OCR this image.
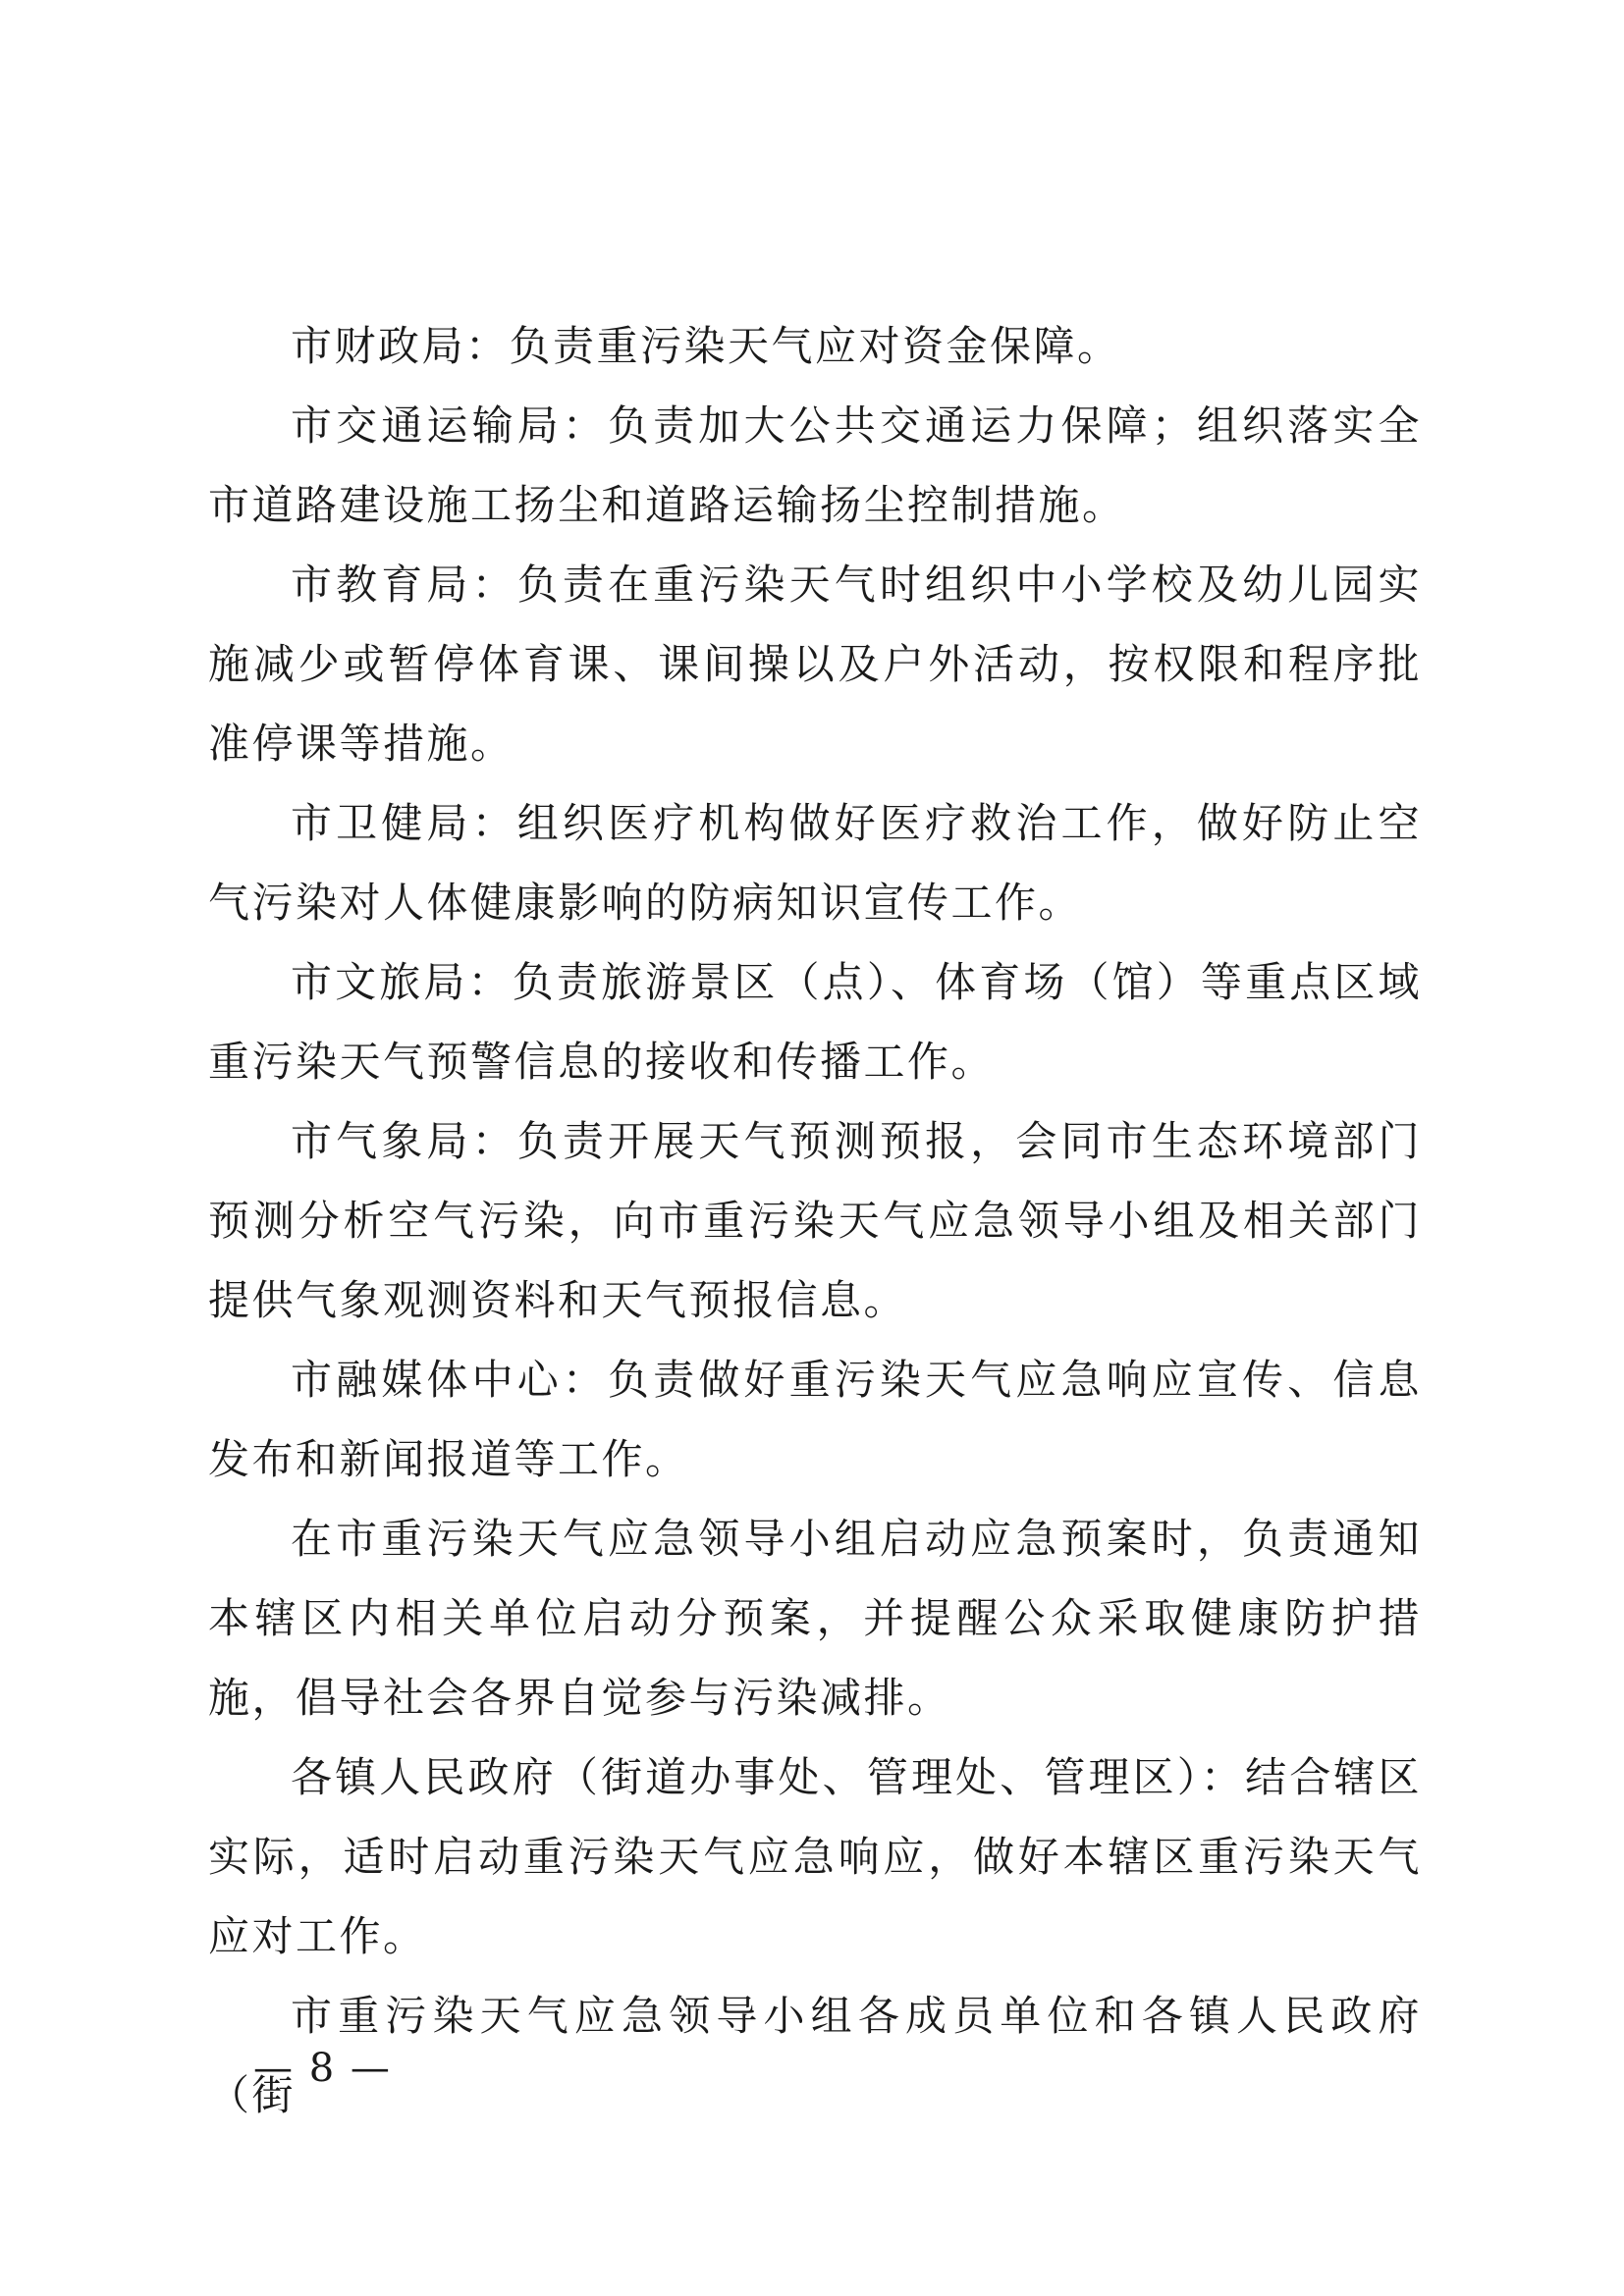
市财政局：负责重污染天气应对资金保障。

市交通运输局：负责加大公共交通运力保障；组织落实全市道路建设施工扬尘和道路运输扬尘控制措施。

市教育局：负责在重污染天气时组织中小学校及幼儿园实施减少或暂停体育课、课间操以及户外活动，按权限和程序批准停课等措施。

市卫健局：组织医疗机构做好医疗救治工作，做好防止空气污染对人体健康影响的防病知识宣传工作。

市文旅局：负责旅游景区（点）、体育场（馆）等重点区域重污染天气预警信息的接收和传播工作。

市气象局：负责开展天气预测预报，会同市生态环境部门预测分析空气污染，向市重污染天气应急领导小组及相关部门提供气象观测资料和天气预报信息。

市融媒体中心：负责做好重污染天气应急响应宣传、信息发布和新闻报道等工作。

在市重污染天气应急领导小组启动应急预案时，负责通知本辖区内相关单位启动分预案，并提醒公众采取健康防护措施，倡导社会各界自觉参与污染减排。

各镇人民政府（街道办事处、管理处、管理区）：结合辖区实际，适时启动重污染天气应急响应，做好本辖区重污染天气应对工作。

市重污染天气应急领导小组各成员单位和各镇人民政府（街

— 8 —
